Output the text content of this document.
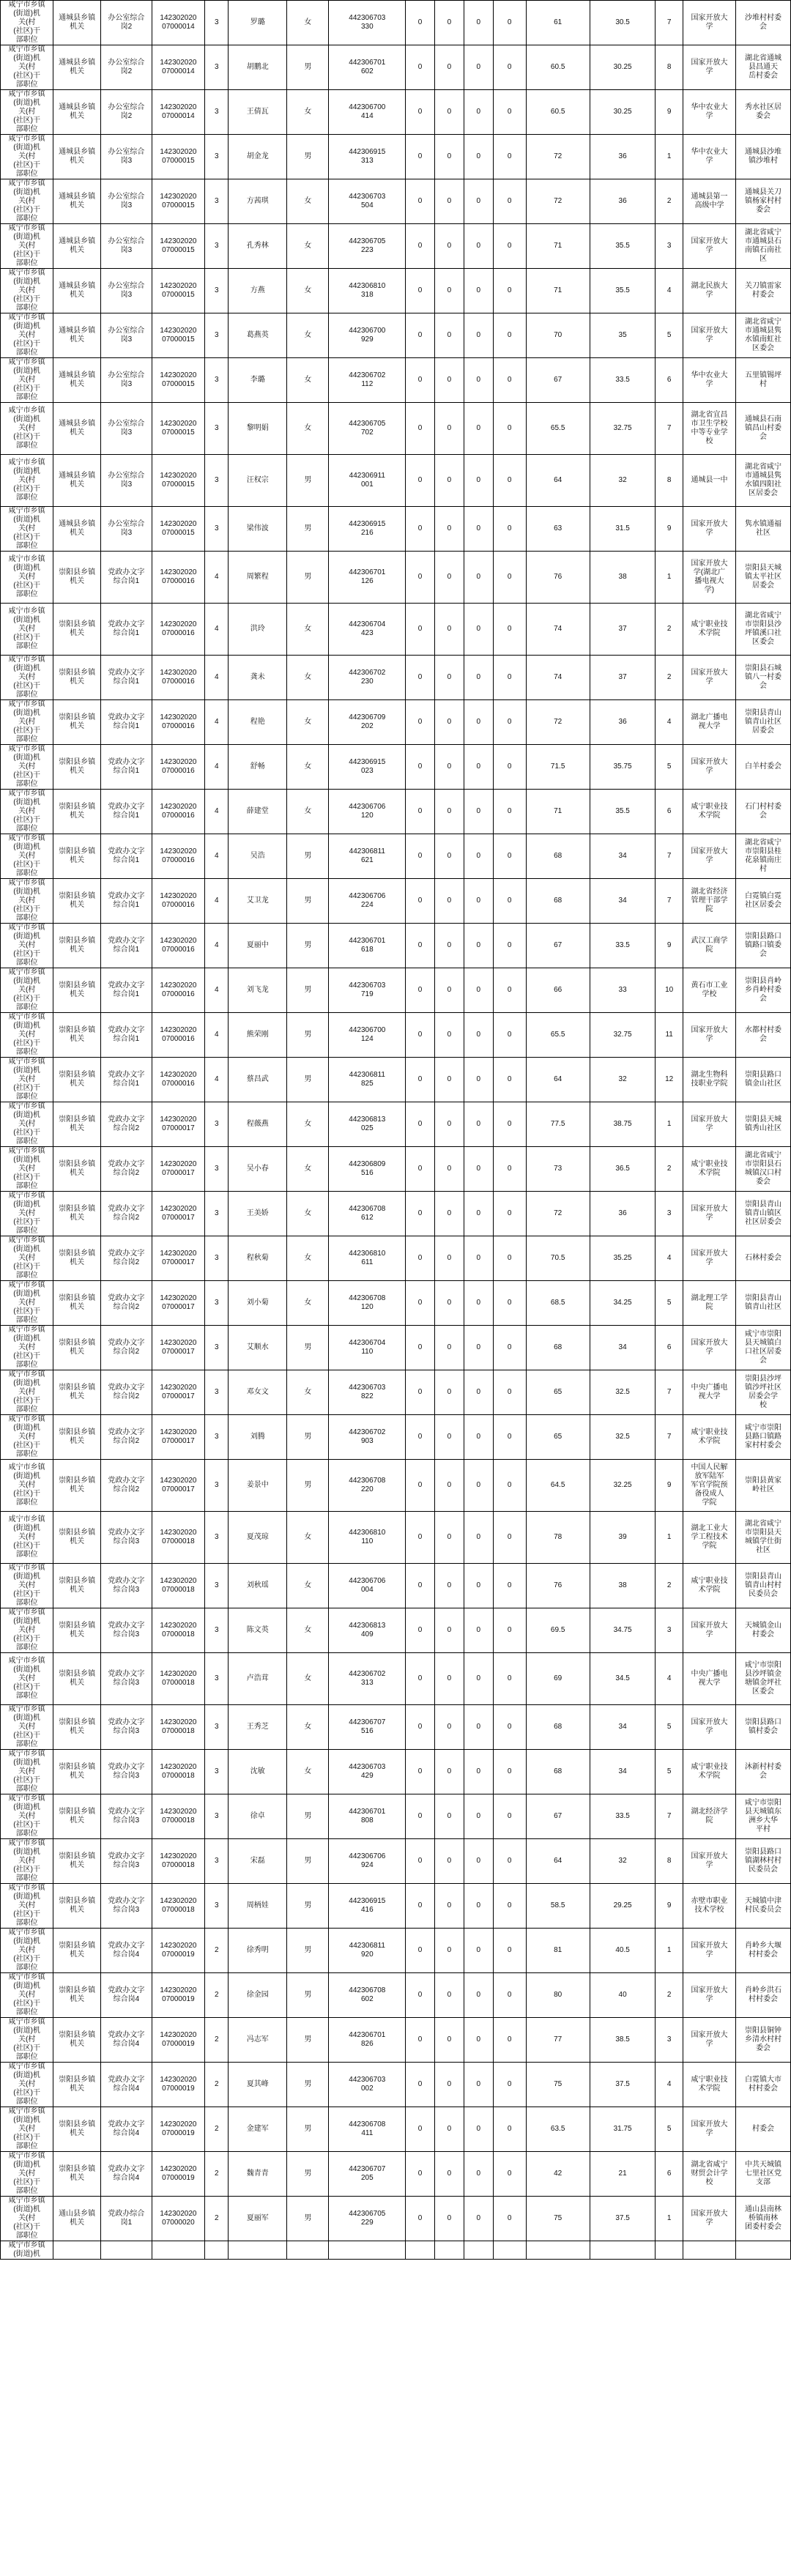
咸宁市乡镇
(街道)机
关(村
(社区)干
部职位	通城县乡镇
机关	办公室综合
岗2	142302020
07000014	3	罗璐	女	442306703
330	0	0	0	0	61	30.5	7	国家开放大
学	沙堆村村委
会
咸宁市乡镇
(街道)机
关(村
(社区)干
部职位	通城县乡镇
机关	办公室综合
岗2	142302020
07000014	3	胡鹏北	男	442306701
602	0	0	0	0	60.5	30.25	8	国家开放大
学	湖北省通城
县昌通天
岳村委会
咸宁市乡镇
(街道)机
关(村
(社区)干
部职位	通城县乡镇
机关	办公室综合
岗2	142302020
07000014	3	王倩瓦	女	442306700
414	0	0	0	0	60.5	30.25	9	华中农业大
学	秀水社区居
委会
咸宁市乡镇
(街道)机
关(村
(社区)干
部职位	通城县乡镇
机关	办公室综合
岗3	142302020
07000015	3	胡金龙	男	442306915
313	0	0	0	0	72	36	1	华中农业大
学	通城县沙堆
镇沙堆村
咸宁市乡镇
(街道)机
关(村
(社区)干
部职位	通城县乡镇
机关	办公室综合
岗3	142302020
07000015	3	方茜琪	女	442306703
504	0	0	0	0	72	36	2	通城县第一
高级中学	通城县关刀
镇杨家村村
委会
咸宁市乡镇
(街道)机
关(村
(社区)干
部职位	通城县乡镇
机关	办公室综合
岗3	142302020
07000015	3	孔秀林	女	442306705
223	0	0	0	0	71	35.5	3	国家开放大
学	湖北省咸宁
市通城县石
南镇石南社
区
咸宁市乡镇
(街道)机
关(村
(社区)干
部职位	通城县乡镇
机关	办公室综合
岗3	142302020
07000015	3	方燕	女	442306810
318	0	0	0	0	71	35.5	4	湖北民族大
学	关刀镇雷家
村委会
咸宁市乡镇
(街道)机
关(村
(社区)干
部职位	通城县乡镇
机关	办公室综合
岗3	142302020
07000015	3	葛燕英	女	442306700
929	0	0	0	0	70	35	5	国家开放大
学	湖北省咸宁
市通城县隽
水镇南虹社
区委会
咸宁市乡镇
(街道)机
关(村
(社区)干
部职位	通城县乡镇
机关	办公室综合
岗3	142302020
07000015	3	李璐	女	442306702
112	0	0	0	0	67	33.5	6	华中农业大
学	五里镇锡坪
村
咸宁市乡镇
(街道)机
关(村
(社区)干
部职位	通城县乡镇
机关	办公室综合
岗3	142302020
07000015	3	黎明娟	女	442306705
702	0	0	0	0	65.5	32.75	7	湖北省宜昌
市卫生学校
中等专业学
校	通城县石南
镇昌山村委
会
咸宁市乡镇
(街道)机
关(村
(社区)干
部职位	通城县乡镇
机关	办公室综合
岗3	142302020
07000015	3	汪权宗	男	442306911
001	0	0	0	0	64	32	8	通城县一中	湖北省咸宁
市通城县隽
水镇四阳社
区居委会
咸宁市乡镇
(街道)机
关(村
(社区)干
部职位	通城县乡镇
机关	办公室综合
岗3	142302020
07000015	3	梁伟波	男	442306915
216	0	0	0	0	63	31.5	9	国家开放大
学	隽水镇通福
社区
咸宁市乡镇
(街道)机
关(村
(社区)干
部职位	崇阳县乡镇
机关	党政办文字
综合岗1	142302020
07000016	4	周繁程	男	442306701
126	0	0	0	0	76	38	1	国家开放大
学(湖北广
播电视大
学)	崇阳县天城
镇太平社区
居委会
咸宁市乡镇
(街道)机
关(村
(社区)干
部职位	崇阳县乡镇
机关	党政办文字
综合岗1	142302020
07000016	4	洪玲	女	442306704
423	0	0	0	0	74	37	2	咸宁职业技
术学院	湖北省咸宁
市崇阳县沙
坪镇溪口社
区委会
咸宁市乡镇
(街道)机
关(村
(社区)干
部职位	崇阳县乡镇
机关	党政办文字
综合岗1	142302020
07000016	4	龚未	女	442306702
230	0	0	0	0	74	37	2	国家开放大
学	崇阳县石城
镇八一村委
会
咸宁市乡镇
(街道)机
关(村
(社区)干
部职位	崇阳县乡镇
机关	党政办文字
综合岗1	142302020
07000016	4	程艳	女	442306709
202	0	0	0	0	72	36	4	湖北广播电
视大学	崇阳县青山
镇青山社区
居委会
咸宁市乡镇
(街道)机
关(村
(社区)干
部职位	崇阳县乡镇
机关	党政办文字
综合岗1	142302020
07000016	4	舒畅	女	442306915
023	0	0	0	0	71.5	35.75	5	国家开放大
学	白羊村委会
咸宁市乡镇
(街道)机
关(村
(社区)干
部职位	崇阳县乡镇
机关	党政办文字
综合岗1	142302020
07000016	4	薛建堂	女	442306706
120	0	0	0	0	71	35.5	6	咸宁职业技
术学院	石门村村委
会
咸宁市乡镇
(街道)机
关(村
(社区)干
部职位	崇阳县乡镇
机关	党政办文字
综合岗1	142302020
07000016	4	吴浩	男	442306811
621	0	0	0	0	68	34	7	国家开放大
学	湖北省咸宁
市崇阳县桂
花泉镇南庄
村
咸宁市乡镇
(街道)机
关(村
(社区)干
部职位	崇阳县乡镇
机关	党政办文字
综合岗1	142302020
07000016	4	艾卫龙	男	442306706
224	0	0	0	0	68	34	7	湖北省经济
管理干部学
院	白霓镇白霓
社区居委会
咸宁市乡镇
(街道)机
关(村
(社区)干
部职位	崇阳县乡镇
机关	党政办文字
综合岗1	142302020
07000016	4	夏丽中	男	442306701
618	0	0	0	0	67	33.5	9	武汉工商学
院	崇阳县路口
镇路口镇委
会
咸宁市乡镇
(街道)机
关(村
(社区)干
部职位	崇阳县乡镇
机关	党政办文字
综合岗1	142302020
07000016	4	刘飞龙	男	442306703
719	0	0	0	0	66	33	10	黄石市工业
学校	崇阳县肖岭
乡肖岭村委
会
咸宁市乡镇
(街道)机
关(村
(社区)干
部职位	崇阳县乡镇
机关	党政办文字
综合岗1	142302020
07000016	4	熊荣刚	男	442306700
124	0	0	0	0	65.5	32.75	11	国家开放大
学	水都村村委
会
咸宁市乡镇
(街道)机
关(村
(社区)干
部职位	崇阳县乡镇
机关	党政办文字
综合岗1	142302020
07000016	4	蔡昌武	男	442306811
825	0	0	0	0	64	32	12	湖北生物科
技职业学院	崇阳县路口
镇金山社区
咸宁市乡镇
(街道)机
关(村
(社区)干
部职位	崇阳县乡镇
机关	党政办文字
综合岗2	142302020
07000017	3	程薇燕	女	442306813
025	0	0	0	0	77.5	38.75	1	国家开放大
学	崇阳县天城
镇秀山社区
咸宁市乡镇
(街道)机
关(村
(社区)干
部职位	崇阳县乡镇
机关	党政办文字
综合岗2	142302020
07000017	3	吴小春	女	442306809
516	0	0	0	0	73	36.5	2	咸宁职业技
术学院	湖北省咸宁
市崇阳县石
城镇汉口村
委会
咸宁市乡镇
(街道)机
关(村
(社区)干
部职位	崇阳县乡镇
机关	党政办文字
综合岗2	142302020
07000017	3	王美娇	女	442306708
612	0	0	0	0	72	36	3	国家开放大
学	崇阳县青山
镇青山镇区
社区居委会
咸宁市乡镇
(街道)机
关(村
(社区)干
部职位	崇阳县乡镇
机关	党政办文字
综合岗2	142302020
07000017	3	程秋菊	女	442306810
611	0	0	0	0	70.5	35.25	4	国家开放大
学	石林村委会
咸宁市乡镇
(街道)机
关(村
(社区)干
部职位	崇阳县乡镇
机关	党政办文字
综合岗2	142302020
07000017	3	刘小菊	女	442306708
120	0	0	0	0	68.5	34.25	5	湖北理工学
院	崇阳县青山
镇青山社区
咸宁市乡镇
(街道)机
关(村
(社区)干
部职位	崇阳县乡镇
机关	党政办文字
综合岗2	142302020
07000017	3	艾顺水	男	442306704
110	0	0	0	0	68	34	6	国家开放大
学	咸宁市崇阳
县天城镇白
口社区居委
会
咸宁市乡镇
(街道)机
关(村
(社区)干
部职位	崇阳县乡镇
机关	党政办文字
综合岗2	142302020
07000017	3	邓女文	女	442306703
822	0	0	0	0	65	32.5	7	中央广播电
视大学	崇阳县沙坪
镇沙坪社区
居委会学
校
咸宁市乡镇
(街道)机
关(村
(社区)干
部职位	崇阳县乡镇
机关	党政办文字
综合岗2	142302020
07000017	3	刘腾	男	442306702
903	0	0	0	0	65	32.5	7	咸宁职业技
术学院	咸宁市崇阳
县路口镇路
家村村委会
咸宁市乡镇
(街道)机
关(村
(社区)干
部职位	崇阳县乡镇
机关	党政办文字
综合岗2	142302020
07000017	3	姜景中	男	442306708
220	0	0	0	0	64.5	32.25	9	中国人民解
放军陆军
军官学院预
备役成人
学院	崇阳县黄家
岭社区
咸宁市乡镇
(街道)机
关(村
(社区)干
部职位	崇阳县乡镇
机关	党政办文字
综合岗3	142302020
07000018	3	夏茂琼	女	442306810
110	0	0	0	0	78	39	1	湖北工业大
学工程技术
学院	湖北省咸宁
市崇阳县天
城镇学仕街
社区
咸宁市乡镇
(街道)机
关(村
(社区)干
部职位	崇阳县乡镇
机关	党政办文字
综合岗3	142302020
07000018	3	刘秋瑶	女	442306706
004	0	0	0	0	76	38	2	咸宁职业技
术学院	崇阳县青山
镇青山村村
民委员会
咸宁市乡镇
(街道)机
关(村
(社区)干
部职位	崇阳县乡镇
机关	党政办文字
综合岗3	142302020
07000018	3	陈文英	女	442306813
409	0	0	0	0	69.5	34.75	3	国家开放大
学	天城镇金山
村委会
咸宁市乡镇
(街道)机
关(村
(社区)干
部职位	崇阳县乡镇
机关	党政办文字
综合岗3	142302020
07000018	3	卢浩茸	女	442306702
313	0	0	0	0	69	34.5	4	中央广播电
视大学	咸宁市崇阳
县沙坪镇金
塘镇金坪社
区委会
咸宁市乡镇
(街道)机
关(村
(社区)干
部职位	崇阳县乡镇
机关	党政办文字
综合岗3	142302020
07000018	3	王秀芝	女	442306707
516	0	0	0	0	68	34	5	国家开放大
学	崇阳县路口
镇村委会
咸宁市乡镇
(街道)机
关(村
(社区)干
部职位	崇阳县乡镇
机关	党政办文字
综合岗3	142302020
07000018	3	沈敏	女	442306703
429	0	0	0	0	68	34	5	咸宁职业技
术学院	沐新村村委
会
咸宁市乡镇
(街道)机
关(村
(社区)干
部职位	崇阳县乡镇
机关	党政办文字
综合岗3	142302020
07000018	3	徐卓	男	442306701
808	0	0	0	0	67	33.5	7	湖北经济学
院	咸宁市崇阳
县天城镇东
洲乡大华
平村
咸宁市乡镇
(街道)机
关(村
(社区)干
部职位	崇阳县乡镇
机关	党政办文字
综合岗3	142302020
07000018	3	宋磊	男	442306706
924	0	0	0	0	64	32	8	国家开放大
学	崇阳县路口
镇湖林村村
民委员会
咸宁市乡镇
(街道)机
关(村
(社区)干
部职位	崇阳县乡镇
机关	党政办文字
综合岗3	142302020
07000018	3	周柄娃	男	442306915
416	0	0	0	0	58.5	29.25	9	赤壁市职业
技术学校	天城镇中津
村民委员会
咸宁市乡镇
(街道)机
关(村
(社区)干
部职位	崇阳县乡镇
机关	党政办文字
综合岗4	142302020
07000019	2	徐秀明	男	442306811
920	0	0	0	0	81	40.5	1	国家开放大
学	肖岭乡大堰
村村委会
咸宁市乡镇
(街道)机
关(村
(社区)干
部职位	崇阳县乡镇
机关	党政办文字
综合岗4	142302020
07000019	2	徐金园	男	442306708
602	0	0	0	0	80	40	2	国家开放大
学	肖岭乡洪石
村村委会
咸宁市乡镇
(街道)机
关(村
(社区)干
部职位	崇阳县乡镇
机关	党政办文字
综合岗4	142302020
07000019	2	冯志军	男	442306701
826	0	0	0	0	77	38.5	3	国家开放大
学	崇阳县铜钟
乡清水村村
委会
咸宁市乡镇
(街道)机
关(村
(社区)干
部职位	崇阳县乡镇
机关	党政办文字
综合岗4	142302020
07000019	2	夏其峰	男	442306703
002	0	0	0	0	75	37.5	4	咸宁职业技
术学院	白霓镇大市
村村委会
咸宁市乡镇
(街道)机
关(村
(社区)干
部职位	崇阳县乡镇
机关	党政办文字
综合岗4	142302020
07000019	2	金建军	男	442306708
411	0	0	0	0	63.5	31.75	5	国家开放大
学	村委会
咸宁市乡镇
(街道)机
关(村
(社区)干
部职位	崇阳县乡镇
机关	党政办文字
综合岗4	142302020
07000019	2	魏青青	男	442306707
205	0	0	0	0	42	21	6	湖北省咸宁
财贸会计学
校	中共天城镇
七里社区党
支部
咸宁市乡镇
(街道)机
关(村
(社区)干
部职位	通山县乡镇
机关	党政办综合
岗1	142302020
07000020	2	夏丽军	男	442306705
229	0	0	0	0	75	37.5	1	国家开放大
学	通山县南林
桥镇南林
团委村委会
咸宁市乡镇
(街道)机																
